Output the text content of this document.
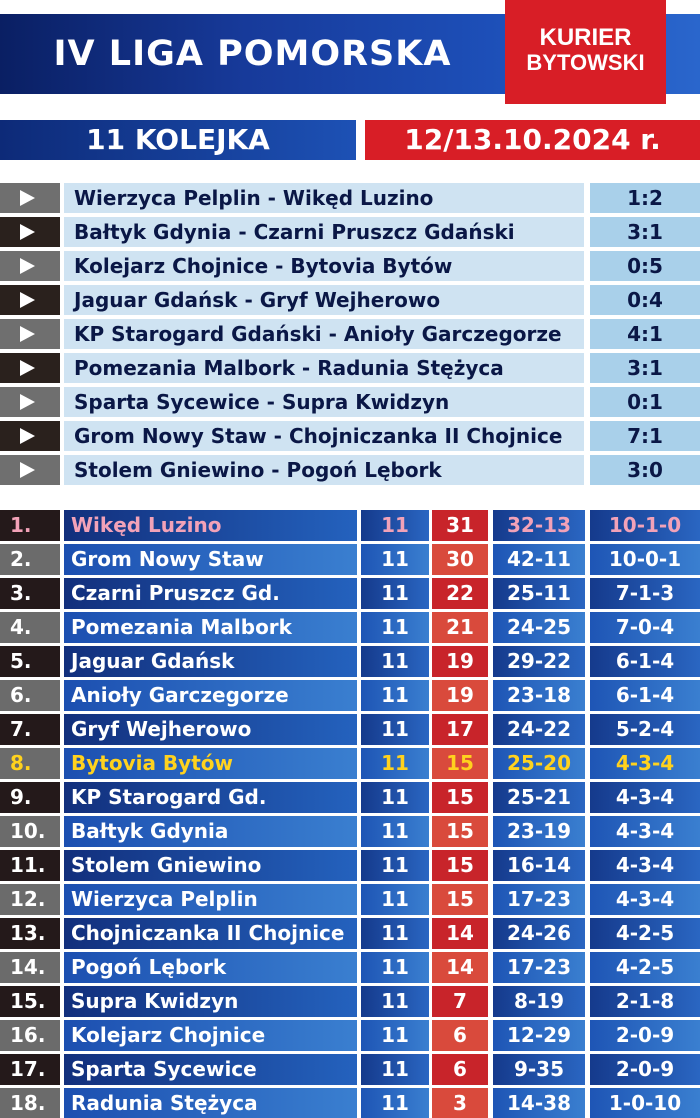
IV LIGA POMORSKA	KURIER
BYTOWSKI
11 KOLEJKA	12/13.10.2024 r.
Wierzyca Pelplin - Wikęd Luzino	1:2
Bałtyk Gdynia - Czarni Pruszcz Gdański	3:1
Kolejarz Chojnice - Bytovia Bytów	0:5
Jaguar Gdańsk - Gryf Wejherowo	0:4
KP Starogard Gdański - Anioły Garczegorze	4:1
Pomezania Malbork - Radunia Stężyca	3:1
Sparta Sycewice - Supra Kwidzyn	0:1
Grom Nowy Staw - Chojniczanka II Chojnice	7:1
Stolem Gniewino - Pogoń Lębork	3:0
1.	Wikęd Luzino	11	31	32-13	10-1-0
2.	Grom Nowy Staw	11	30	42-11	10-0-1
3.	Czarni Pruszcz Gd.	11	22	25-11	7-1-3
4.	Pomezania Malbork	11	21	24-25	7-0-4
5.	Jaguar Gdańsk	11	19	29-22	6-1-4
6.	Anioły Garczegorze	11	19	23-18	6-1-4
7.	Gryf Wejherowo	11	17	24-22	5-2-4
8.	Bytovia Bytów	11	15	25-20	4-3-4
9.	KP Starogard Gd.	11	15	25-21	4-3-4
10.	Bałtyk Gdynia	11	15	23-19	4-3-4
11.	Stolem Gniewino	11	15	16-14	4-3-4
12.	Wierzyca Pelplin	11	15	17-23	4-3-4
13.	Chojniczanka II Chojnice	11	14	24-26	4-2-5
14.	Pogoń Lębork	11	14	17-23	4-2-5
15.	Supra Kwidzyn	11	7	8-19	2-1-8
16.	Kolejarz Chojnice	11	6	12-29	2-0-9
17.	Sparta Sycewice	11	6	9-35	2-0-9
18.	Radunia Stężyca	11	3	14-38	1-0-10
